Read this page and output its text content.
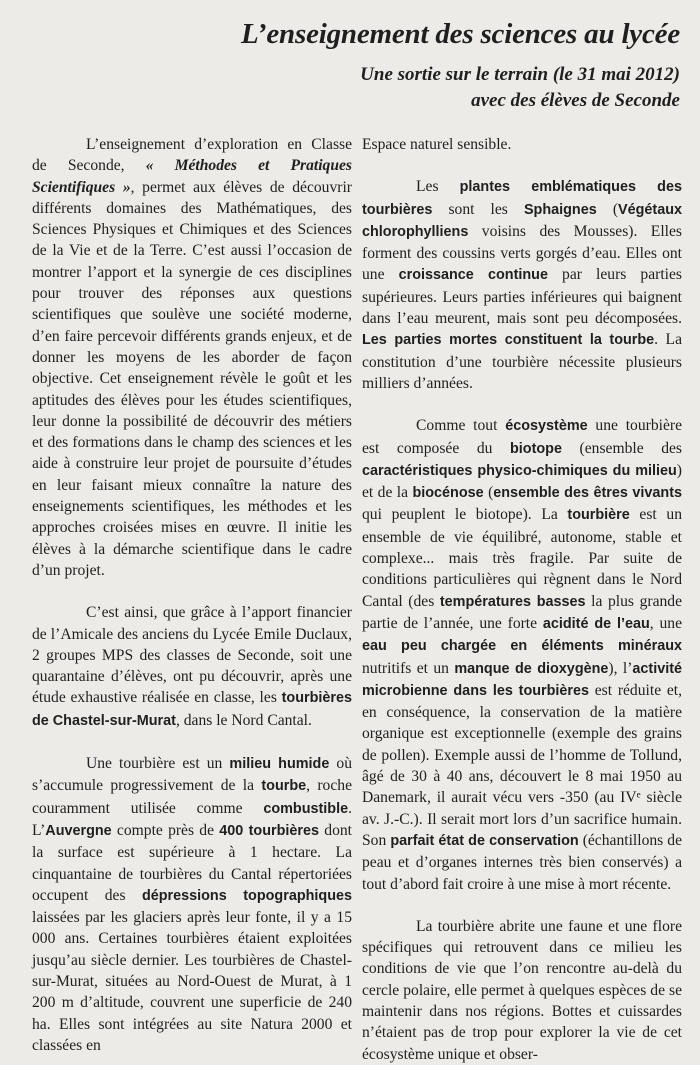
L’enseignement des sciences au lycée
Une sortie sur le terrain (le 31 mai 2012)
avec des élèves de Seconde

L’enseignement d’exploration en Classe de Seconde, « Méthodes et Pratiques Scientifiques », permet aux élèves de découvrir différents domaines des Mathématiques, des Sciences Physiques et Chimiques et des Sciences de la Vie et de la Terre. C’est aussi l’occasion de montrer l’apport et la synergie de ces disciplines pour trouver des réponses aux questions scientifiques que soulève une société moderne, d’en faire percevoir différents grands enjeux, et de donner les moyens de les aborder de façon objective. Cet enseignement révèle le goût et les aptitudes des élèves pour les études scientifiques, leur donne la possibilité de découvrir des métiers et des formations dans le champ des sciences et les aide à construire leur projet de poursuite d’études en leur faisant mieux connaître la nature des enseignements scientifiques, les méthodes et les approches croisées mises en œuvre. Il initie les élèves à la démarche scientifique dans le cadre d’un projet.

C’est ainsi, que grâce à l’apport financier de l’Amicale des anciens du Lycée Emile Duclaux, 2 groupes MPS des classes de Seconde, soit une quarantaine d’élèves, ont pu découvrir, après une étude exhaustive réalisée en classe, les tourbières de Chastel-sur-Murat, dans le Nord Cantal.

Une tourbière est un milieu humide où s’accumule progressivement de la tourbe, roche couramment utilisée comme combustible. L’Auvergne compte près de 400 tourbières dont la surface est supérieure à 1 hectare. La cinquantaine de tourbières du Cantal répertoriées occupent des dépressions topographiques laissées par les glaciers après leur fonte, il y a 15 000 ans. Certaines tourbières étaient exploitées jusqu’au siècle dernier. Les tourbières de Chastel-sur-Murat, situées au Nord-Ouest de Murat, à 1 200 m d’altitude, couvrent une superficie de 240 ha. Elles sont intégrées au site Natura 2000 et classées en

Espace naturel sensible.

Les plantes emblématiques des tourbières sont les Sphaignes (Végétaux chlorophylliens voisins des Mousses). Elles forment des coussins verts gorgés d’eau. Elles ont une croissance continue par leurs parties supérieures. Leurs parties inférieures qui baignent dans l’eau meurent, mais sont peu décomposées. Les parties mortes constituent la tourbe. La constitution d’une tourbière nécessite plusieurs milliers d’années.

Comme tout écosystème une tourbière est composée du biotope (ensemble des caractéristiques physico-chimiques du milieu) et de la biocénose (ensemble des êtres vivants qui peuplent le biotope). La tourbière est un ensemble de vie équilibré, autonome, stable et complexe... mais très fragile. Par suite de conditions particulières qui règnent dans le Nord Cantal (des températures basses la plus grande partie de l’année, une forte acidité de l’eau, une eau peu chargée en éléments minéraux nutritifs et un manque de dioxygène), l’activité microbienne dans les tourbières est réduite et, en conséquence, la conservation de la matière organique est exceptionnelle (exemple des grains de pollen). Exemple aussi de l’homme de Tollund, âgé de 30 à 40 ans, découvert le 8 mai 1950 au Danemark, il aurait vécu vers -350 (au IVᵉ siècle av. J.-C.). Il serait mort lors d’un sacrifice humain. Son parfait état de conservation (échantillons de peau et d’organes internes très bien conservés) a tout d’abord fait croire à une mise à mort récente.

La tourbière abrite une faune et une flore spécifiques qui retrouvent dans ce milieu les conditions de vie que l’on rencontre au-delà du cercle polaire, elle permet à quelques espèces de se maintenir dans nos régions. Bottes et cuissardes n’étaient pas de trop pour explorer la vie de cet écosystème unique et obser-
